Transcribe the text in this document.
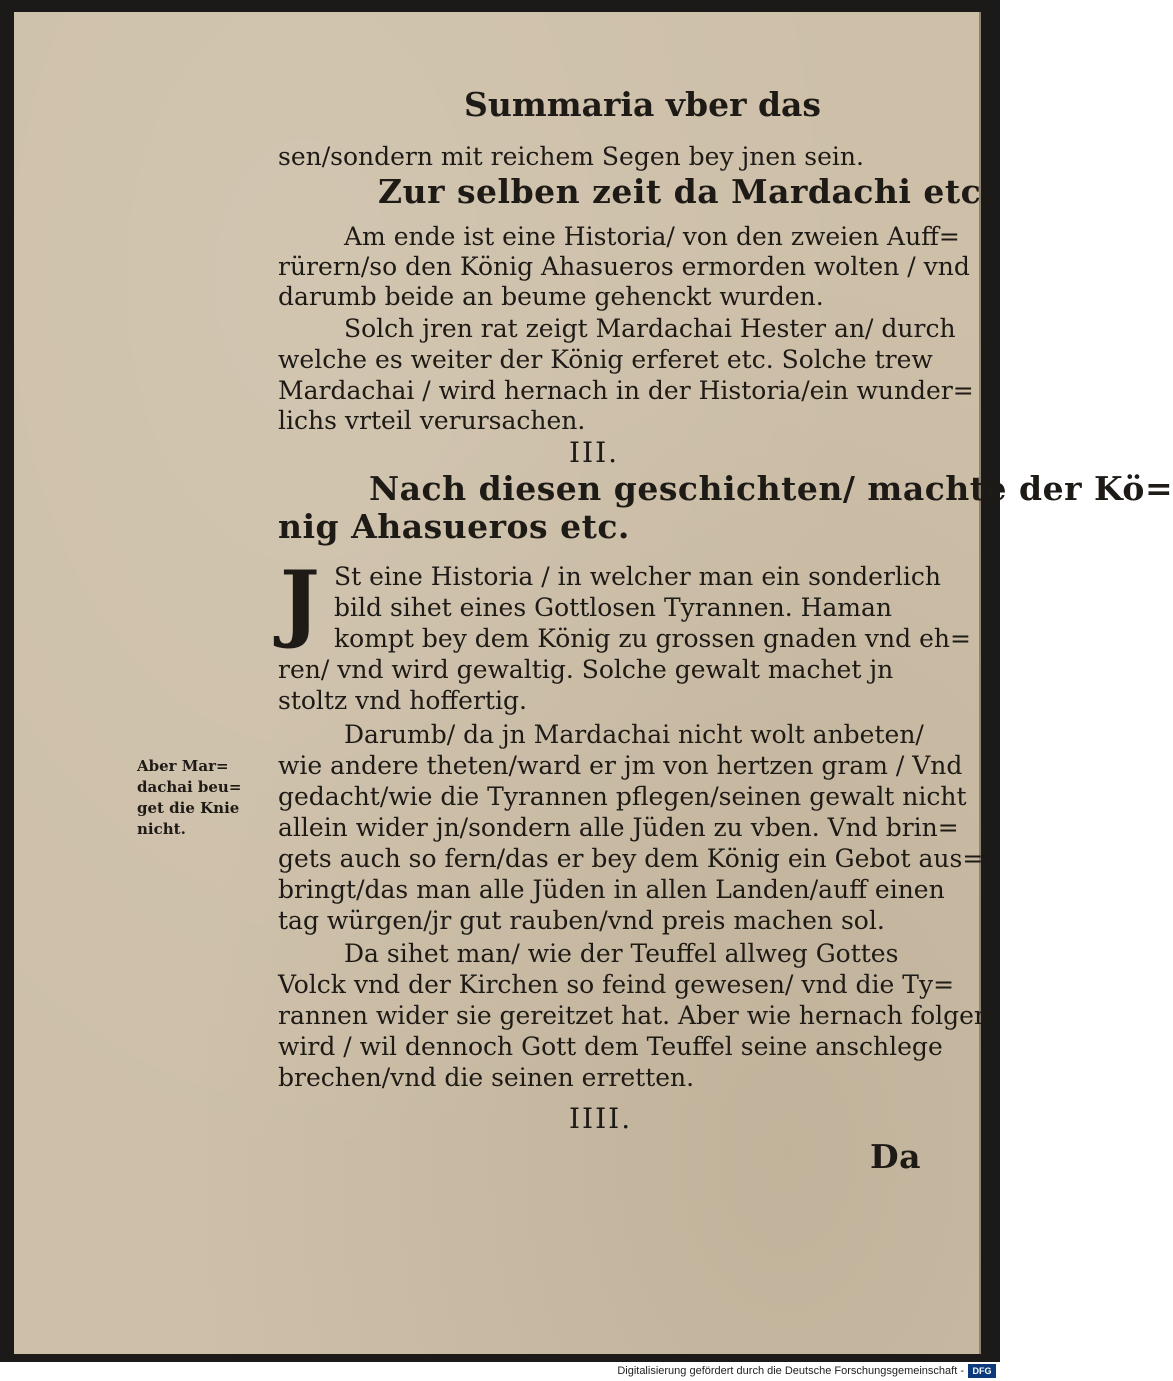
Summaria vber das
sen/sondern mit reichem Segen bey jnen sein.
Zur selben zeit da Mardachi etc.
Am ende ist eine Historia/ von den zweien Auff=
rürern/so den König Ahasueros ermorden wolten / vnd
darumb beide an beume gehenckt wurden.
Solch jren rat zeigt Mardachai Hester an/ durch
welche es weiter der König erferet etc. Solche trew
Mardachai / wird hernach in der Historia/ein wunder=
lichs vrteil verursachen.
III.
Nach diesen geschichten/ machte der Kö=
nig Ahasueros etc.
J St eine Historia / in welcher man ein sonderlich
bild sihet eines Gottlosen Tyrannen. Haman
kompt bey dem König zu grossen gnaden vnd eh=
ren/ vnd wird gewaltig. Solche gewalt machet jn
stoltz vnd hoffertig.
Darumb/ da jn Mardachai nicht wolt anbeten/
wie andere theten/ward er jm von hertzen gram / Vnd
gedacht/wie die Tyrannen pflegen/seinen gewalt nicht
allein wider jn/sondern alle Jüden zu vben. Vnd brin=
gets auch so fern/das er bey dem König ein Gebot aus=
bringt/das man alle Jüden in allen Landen/auff einen
tag würgen/jr gut rauben/vnd preis machen sol.
Aber Mar=
dachai beu=
get die Knie
nicht.
Da sihet man/ wie der Teuffel allweg Gottes
Volck vnd der Kirchen so feind gewesen/ vnd die Ty=
rannen wider sie gereitzet hat. Aber wie hernach folgen
wird / wil dennoch Gott dem Teuffel seine anschlege
brechen/vnd die seinen erretten.
IIII.
Da
Digitalisierung gefördert durch die Deutsche Forschungsgemeinschaft - DFG
